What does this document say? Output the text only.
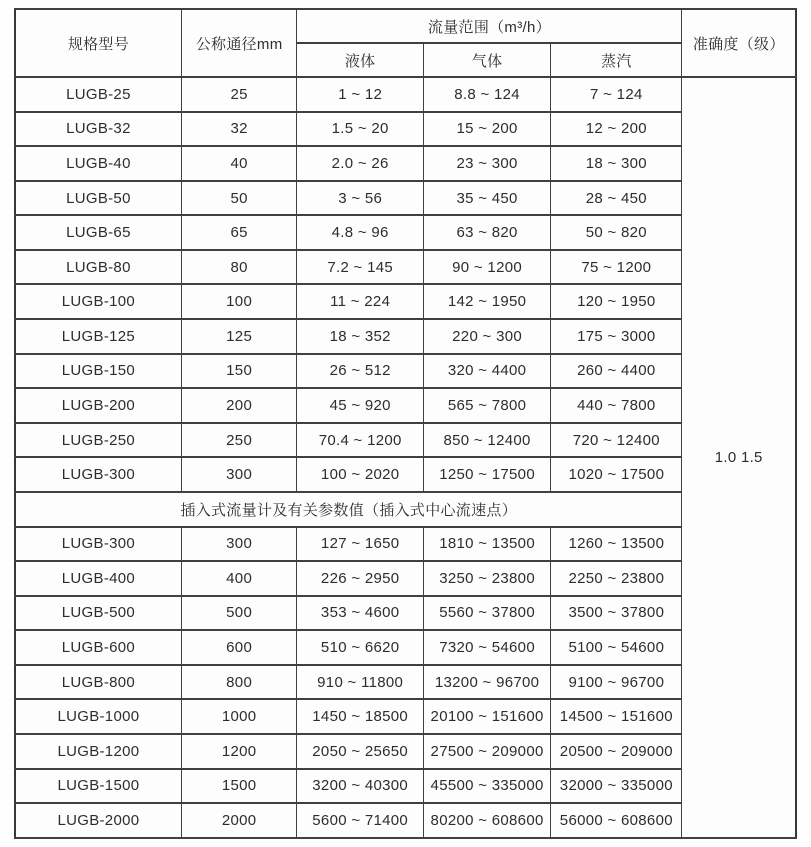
规格型号	公称通径mm	流量范围（m³/h）			准确度（级）
		液体	气体	蒸汽	
LUGB-25	25	1 ~ 12	8.8 ~ 124	7 ~ 124	1.0 1.5
LUGB-32	32	1.5 ~ 20	15 ~ 200	12 ~ 200	
LUGB-40	40	2.0 ~ 26	23 ~ 300	18 ~ 300	
LUGB-50	50	3 ~ 56	35 ~ 450	28 ~ 450	
LUGB-65	65	4.8 ~ 96	63 ~ 820	50 ~ 820	
LUGB-80	80	7.2 ~ 145	90 ~ 1200	75 ~ 1200	
LUGB-100	100	11 ~ 224	142 ~ 1950	120 ~ 1950	
LUGB-125	125	18 ~ 352	220 ~ 300	175 ~ 3000	
LUGB-150	150	26 ~ 512	320 ~ 4400	260 ~ 4400	
LUGB-200	200	45 ~ 920	565 ~ 7800	440 ~ 7800	
LUGB-250	250	70.4 ~ 1200	850 ~ 12400	720 ~ 12400	
LUGB-300	300	100 ~ 2020	1250 ~ 17500	1020 ~ 17500	
插入式流量计及有关参数值（插入式中心流速点）					
LUGB-300	300	127 ~ 1650	1810 ~ 13500	1260 ~ 13500	
LUGB-400	400	226 ~ 2950	3250 ~ 23800	2250 ~ 23800	
LUGB-500	500	353 ~ 4600	5560 ~ 37800	3500 ~ 37800	
LUGB-600	600	510 ~ 6620	7320 ~ 54600	5100 ~ 54600	
LUGB-800	800	910 ~ 11800	13200 ~ 96700	9100 ~ 96700	
LUGB-1000	1000	1450 ~ 18500	20100 ~ 151600	14500 ~ 151600	
LUGB-1200	1200	2050 ~ 25650	27500 ~ 209000	20500 ~ 209000	
LUGB-1500	1500	3200 ~ 40300	45500 ~ 335000	32000 ~ 335000	
LUGB-2000	2000	5600 ~ 71400	80200 ~ 608600	56000 ~ 608600	
